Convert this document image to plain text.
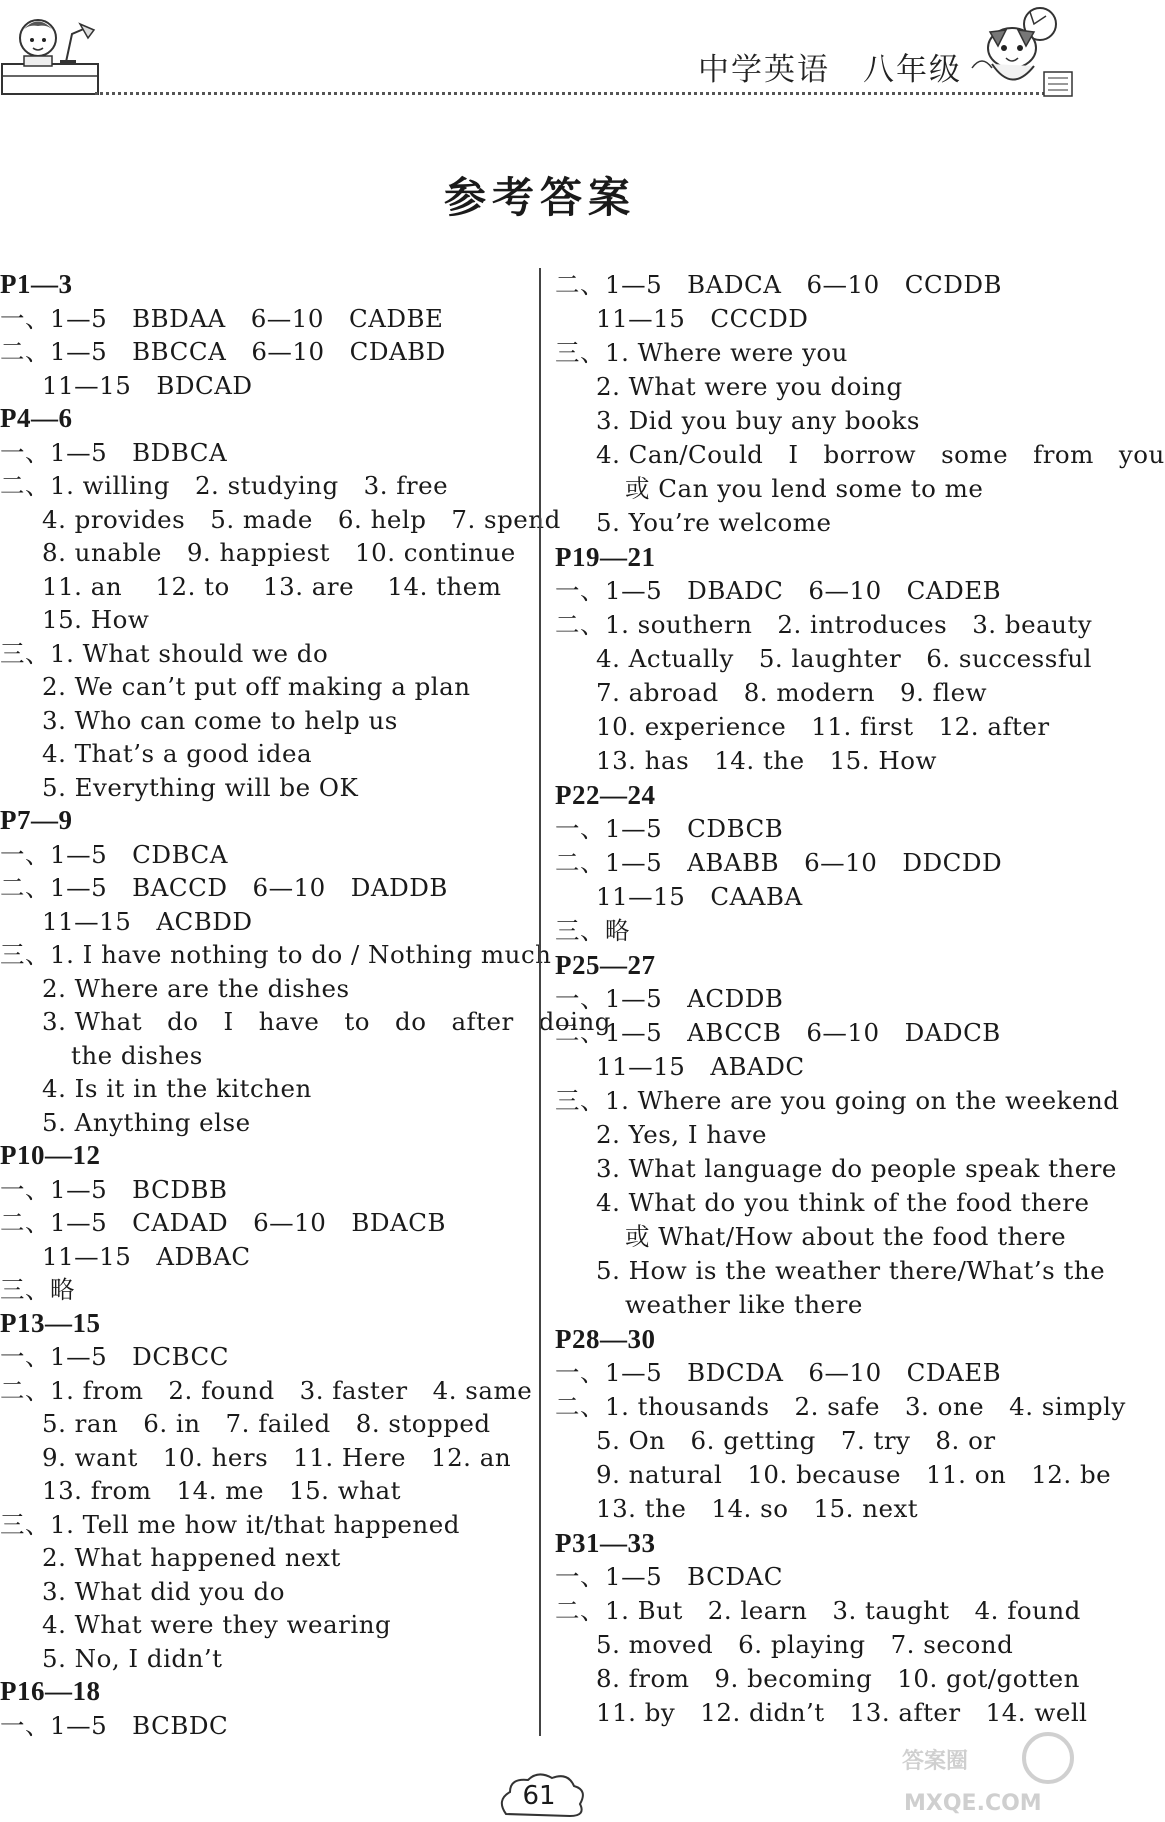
中学英语　八年级
参考答案
P1—3
一、1—5　BBDAA　6—10　CADBE
二、1—5　BBCCA　6—10　CDABD
11—15　BDCAD
P4—6
一、1—5　BDBCA
二、1. willing　2. studying　3. free
4. provides　5. made　6. help　7. spend
8. unable　9. happiest　10. continue
11. an　 12. to　 13. are　 14. them
15. How
三、1. What should we do
2. We can’t put off making a plan
3. Who can come to help us
4. That’s a good idea
5. Everything will be OK
P7—9
一、1—5　CDBCA
二、1—5　BACCD　6—10　DADDB
11—15　ACBDD
三、1. I have nothing to do / Nothing much
2. Where are the dishes
3. What　do　I　have　to　do　after　doing
the dishes
4. Is it in the kitchen
5. Anything else
P10—12
一、1—5　BCDBB
二、1—5　CADAD　6—10　BDACB
11—15　ADBAC
三、略
P13—15
一、1—5　DCBCC
二、1. from　2. found　3. faster　4. same
5. ran　6. in　7. failed　8. stopped
9. want　10. hers　11. Here　12. an
13. from　14. me　15. what
三、1. Tell me how it/that happened
2. What happened next
3. What did you do
4. What were they wearing
5. No, I didn’t
P16—18
一、1—5　BCBDC
二、1—5　BADCA　6—10　CCDDB
11—15　CCCDD
三、1. Where were you
2. What were you doing
3. Did you buy any books
4. Can/Could　I　borrow　some　from　you
或 Can you lend some to me
5. You’re welcome
P19—21
一、1—5　DBADC　6—10　CADEB
二、1. southern　2. introduces　3. beauty
4. Actually　5. laughter　6. successful
7. abroad　8. modern　9. flew
10. experience　11. first　12. after
13. has　14. the　15. How
P22—24
一、1—5　CDBCB
二、1—5　ABABB　6—10　DDCDD
11—15　CAABA
三、略
P25—27
一、1—5　ACDDB
二、1—5　ABCCB　6—10　DADCB
11—15　ABADC
三、1. Where are you going on the weekend
2. Yes, I have
3. What language do people speak there
4. What do you think of the food there
或 What/How about the food there
5. How is the weather there/What’s the
weather like there
P28—30
一、1—5　BDCDA　6—10　CDAEB
二、1. thousands　2. safe　3. one　4. simply
5. On　6. getting　7. try　8. or
9. natural　10. because　11. on　12. be
13. the　14. so　15. next
P31—33
一、1—5　BCDAC
二、1. But　2. learn　3. taught　4. found
5. moved　6. playing　7. second
8. from　9. becoming　10. got/gotten
11. by　12. didn’t　13. after　14. well
61
答案圈
MXQE.COM
